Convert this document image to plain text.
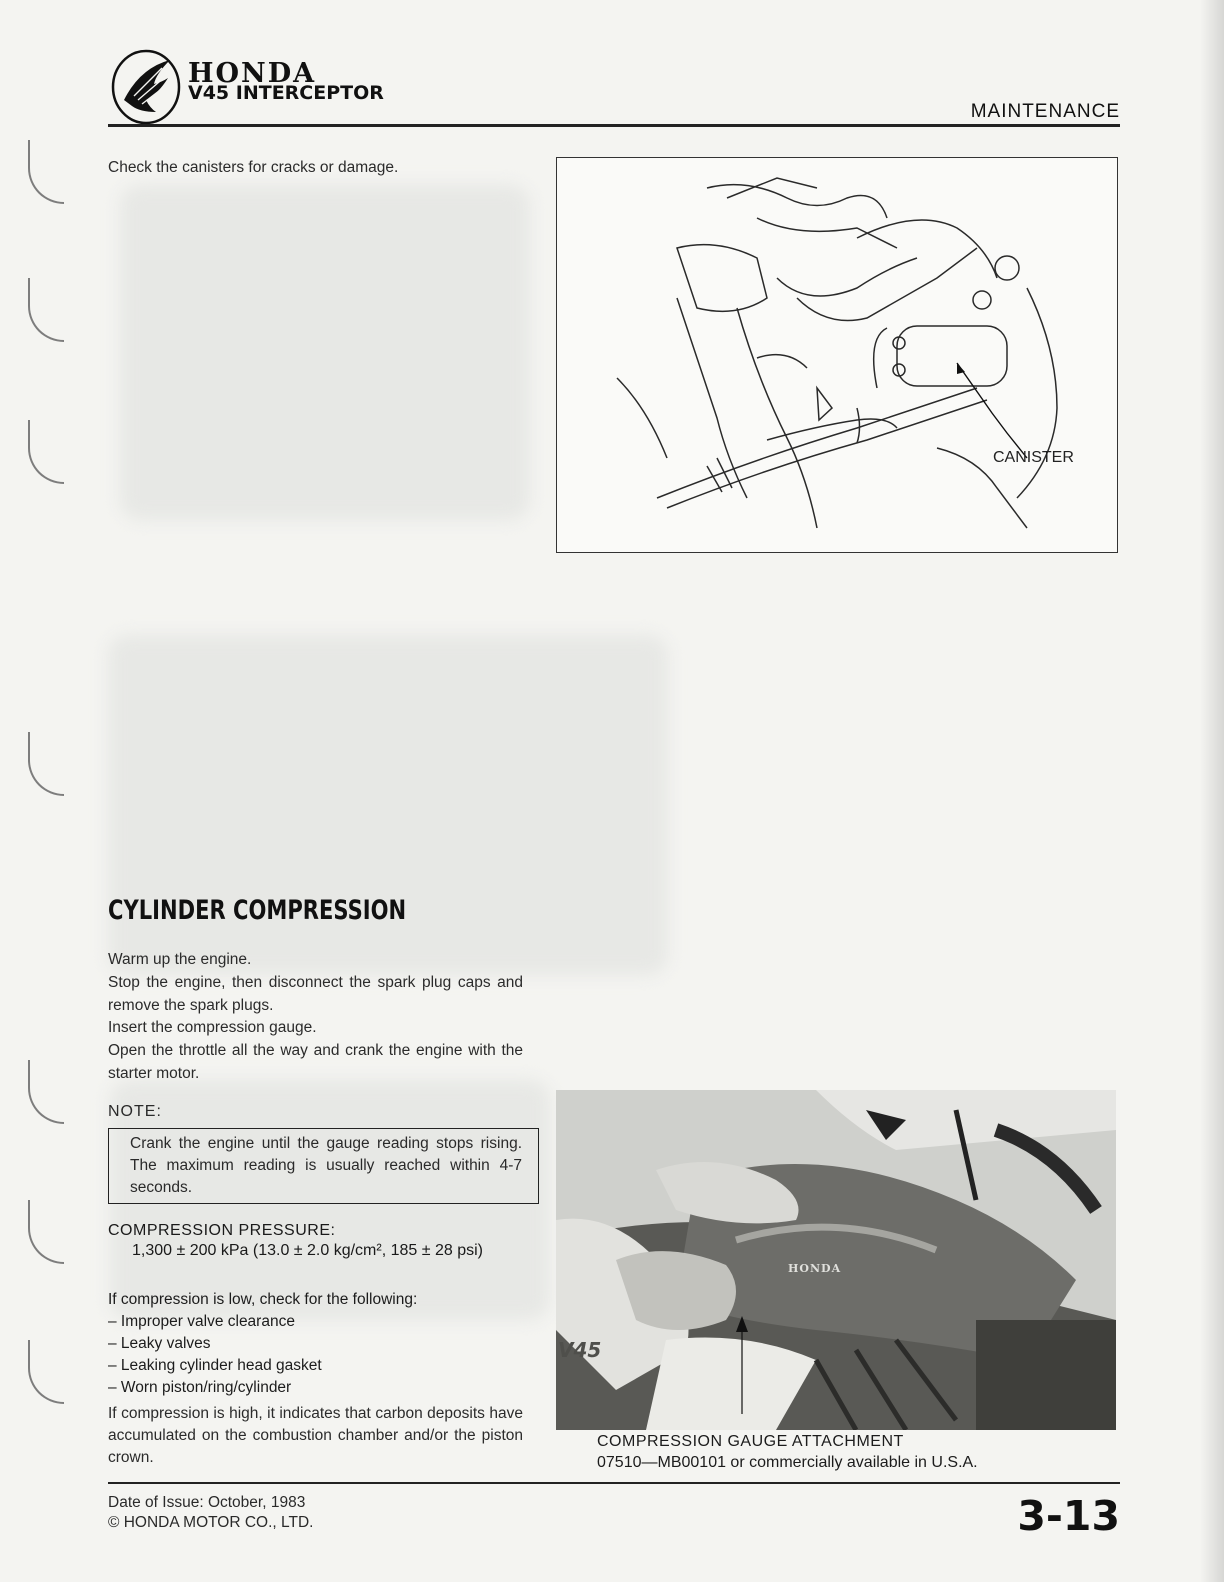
HONDA
V45 INTERCEPTOR
MAINTENANCE

Check the canisters for cracks or damage.

CANISTER
CYLINDER COMPRESSION

Warm up the engine.

Stop the engine, then disconnect the spark plug caps and remove the spark plugs.

Insert the compression gauge.

Open the throttle all the way and crank the engine with the starter motor.

NOTE:
Crank the engine until the gauge reading stops rising. The maximum reading is usually reached within 4-7 seconds.
COMPRESSION PRESSURE:
1,300 ± 200 kPa (13.0 ± 2.0 kg/cm², 185 ± 28 psi)
If compression is low, check for the following:
– Improper valve clearance
– Leaky valves
– Leaking cylinder head gasket
– Worn piston/ring/cylinder

If compression is high, it indicates that carbon deposits have accumulated on the combustion chamber and/or the piston crown.

HONDA
V45
COMPRESSION GAUGE ATTACHMENT
07510—MB00101 or commercially available in U.S.A.
Date of Issue: October, 1983
© HONDA MOTOR CO., LTD.	3-13
